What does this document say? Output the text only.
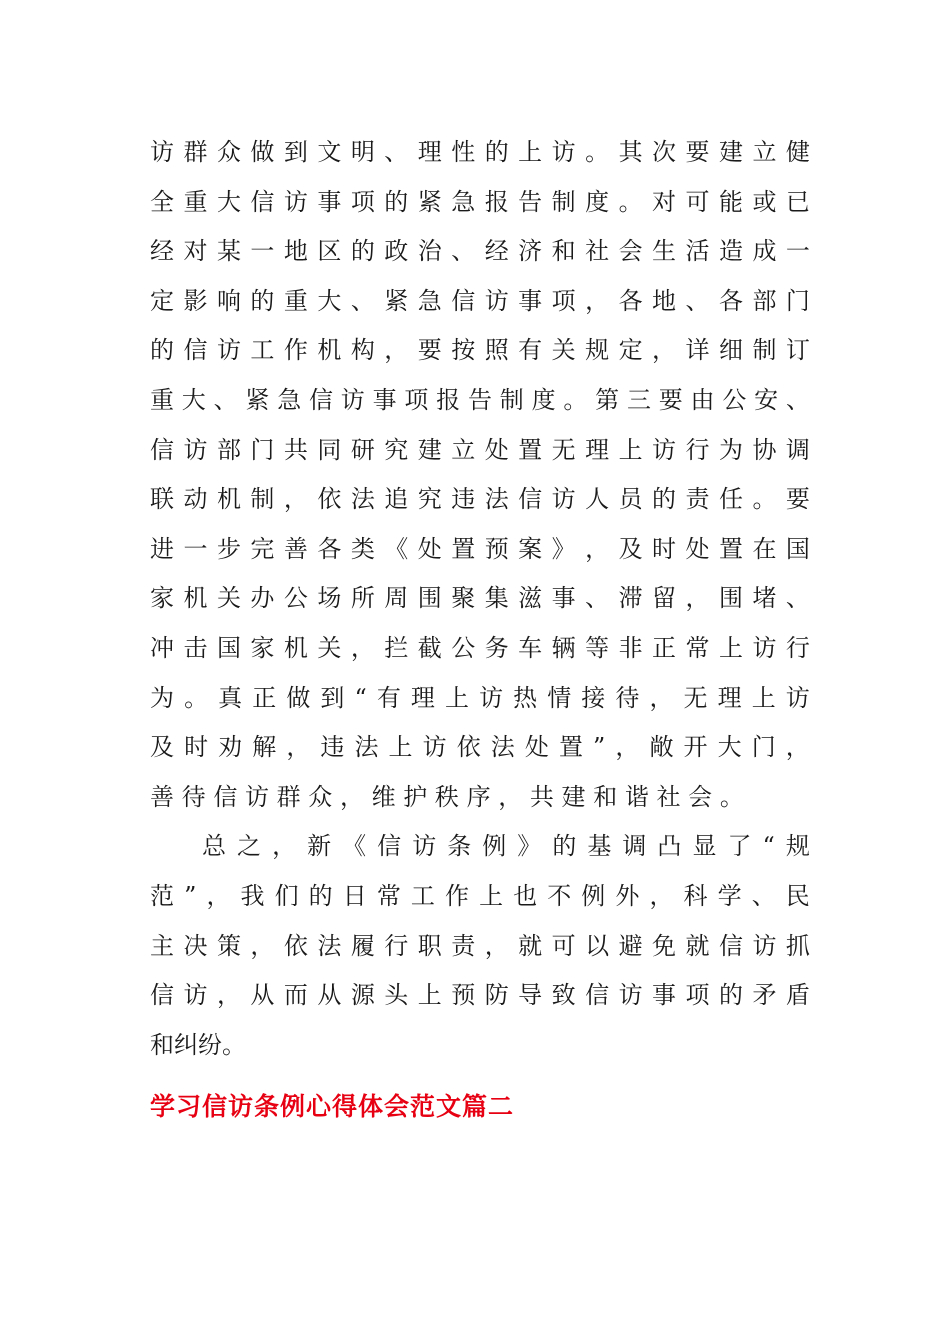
访 群 众 做 到 文 明 、 理 性 的 上 访 。 其 次 要 建 立 健
全 重 大 信 访 事 项 的 紧 急 报 告 制 度 。 对 可 能 或 已
经 对 某 一 地 区 的 政 治 、 经 济 和 社 会 生 活 造 成 一
定 影 响 的 重 大 、 紧 急 信 访 事 项 ， 各 地 、 各 部 门
的 信 访 工 作 机 构 ， 要 按 照 有 关 规 定 ， 详 细 制 订
重 大 、 紧 急 信 访 事 项 报 告 制 度 。 第 三 要 由 公 安 、
信 访 部 门 共 同 研 究 建 立 处 置 无 理 上 访 行 为 协 调
联 动 机 制 ， 依 法 追 究 违 法 信 访 人 员 的 责 任 。 要
进 一 步 完 善 各 类 《 处 置 预 案 》 ， 及 时 处 置 在 国
家 机 关 办 公 场 所 周 围 聚 集 滋 事 、 滞 留 ， 围 堵 、
冲 击 国 家 机 关 ， 拦 截 公 务 车 辆 等 非 正 常 上 访 行
为 。 真 正 做 到 “ 有 理 上 访 热 情 接 待 ， 无 理 上 访
及 时 劝 解 ， 违 法 上 访 依 法 处 置 ” ， 敞 开 大 门 ，
善 待 信 访 群 众 ， 维 护 秩 序 ， 共 建 和 谐 社 会 。
总 之 ， 新 《 信 访 条 例 》 的 基 调 凸 显 了 “ 规
范 ” ， 我 们 的 日 常 工 作 上 也 不 例 外 ， 科 学 、 民
主 决 策 ， 依 法 履 行 职 责 ， 就 可 以 避 免 就 信 访 抓
信 访 ， 从 而 从 源 头 上 预 防 导 致 信 访 事 项 的 矛 盾
和 纠 纷 。
学习信访条例心得体会范文篇二
